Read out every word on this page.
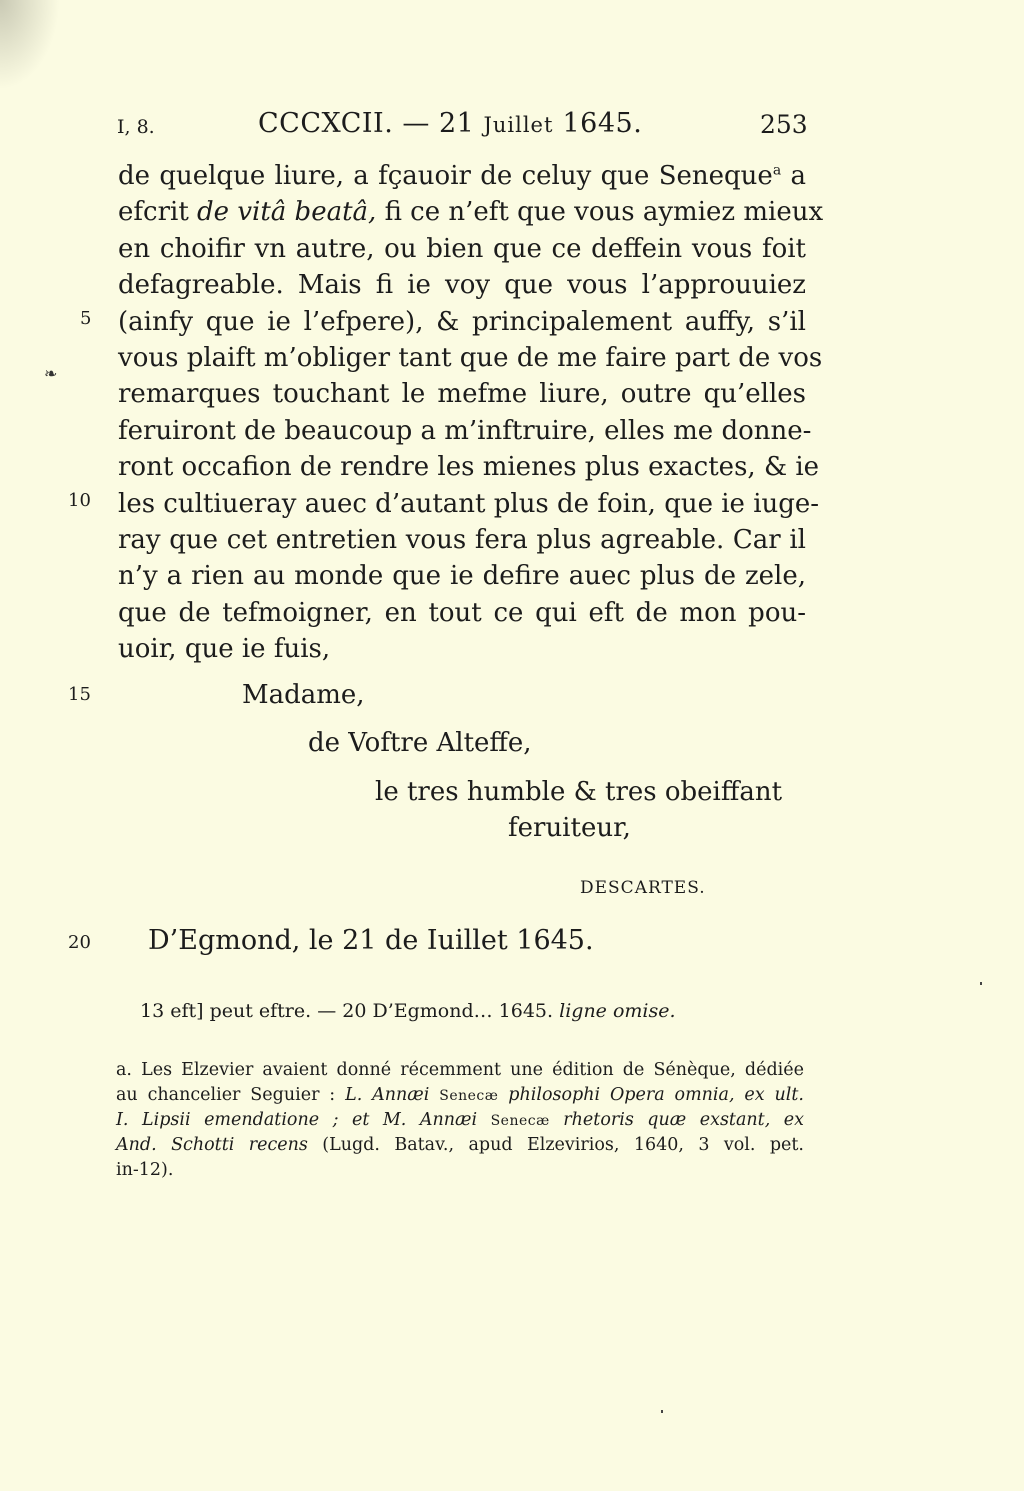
I, 8.	CCCXCII. — 21 Juillet 1645.	253
❧
de quelque liure, a fçauoir de celuy que Seneque$^a$ a
efcrit de vitâ beatâ, fi ce n’eft que vous aymiez mieux
en choifir vn autre, ou bien que ce deffein vous foit
defagreable. Mais fi ie voy que vous l’approuuiez
(ainfy que ie l’efpere), & principalement auffy, s’il
vous plaift m’obliger tant que de me faire part de vos
remarques touchant le mefme liure, outre qu’elles
feruiront de beaucoup a m’inftruire, elles me donne-
ront occafion de rendre les mienes plus exactes, & ie
les cultiueray auec d’autant plus de foin, que ie iuge-
ray que cet entretien vous fera plus agreable. Car il
n’y a rien au monde que ie defire auec plus de zele,
que de tefmoigner, en tout ce qui eft de mon pou-
uoir, que ie fuis,
5
10
15
20
Madame,
de Voftre Alteffe,
le tres humble & tres obeiffant
feruiteur,
DESCARTES.
D’Egmond, le 21 de Iuillet 1645.
13 eft] peut eftre. — 20 D’Egmond… 1645. ligne omise.
a. Les Elzevier avaient donné récemment une édition de Sénèque, dédiée
au chancelier Seguier : L. Annæi Senecæ philosophi Opera omnia, ex ult.
I. Lipsii emendatione ; et M. Annæi Senecæ rhetoris quæ exstant, ex
And. Schotti recens (Lugd. Batav., apud Elzevirios, 1640, 3 vol. pet.
in-12).
